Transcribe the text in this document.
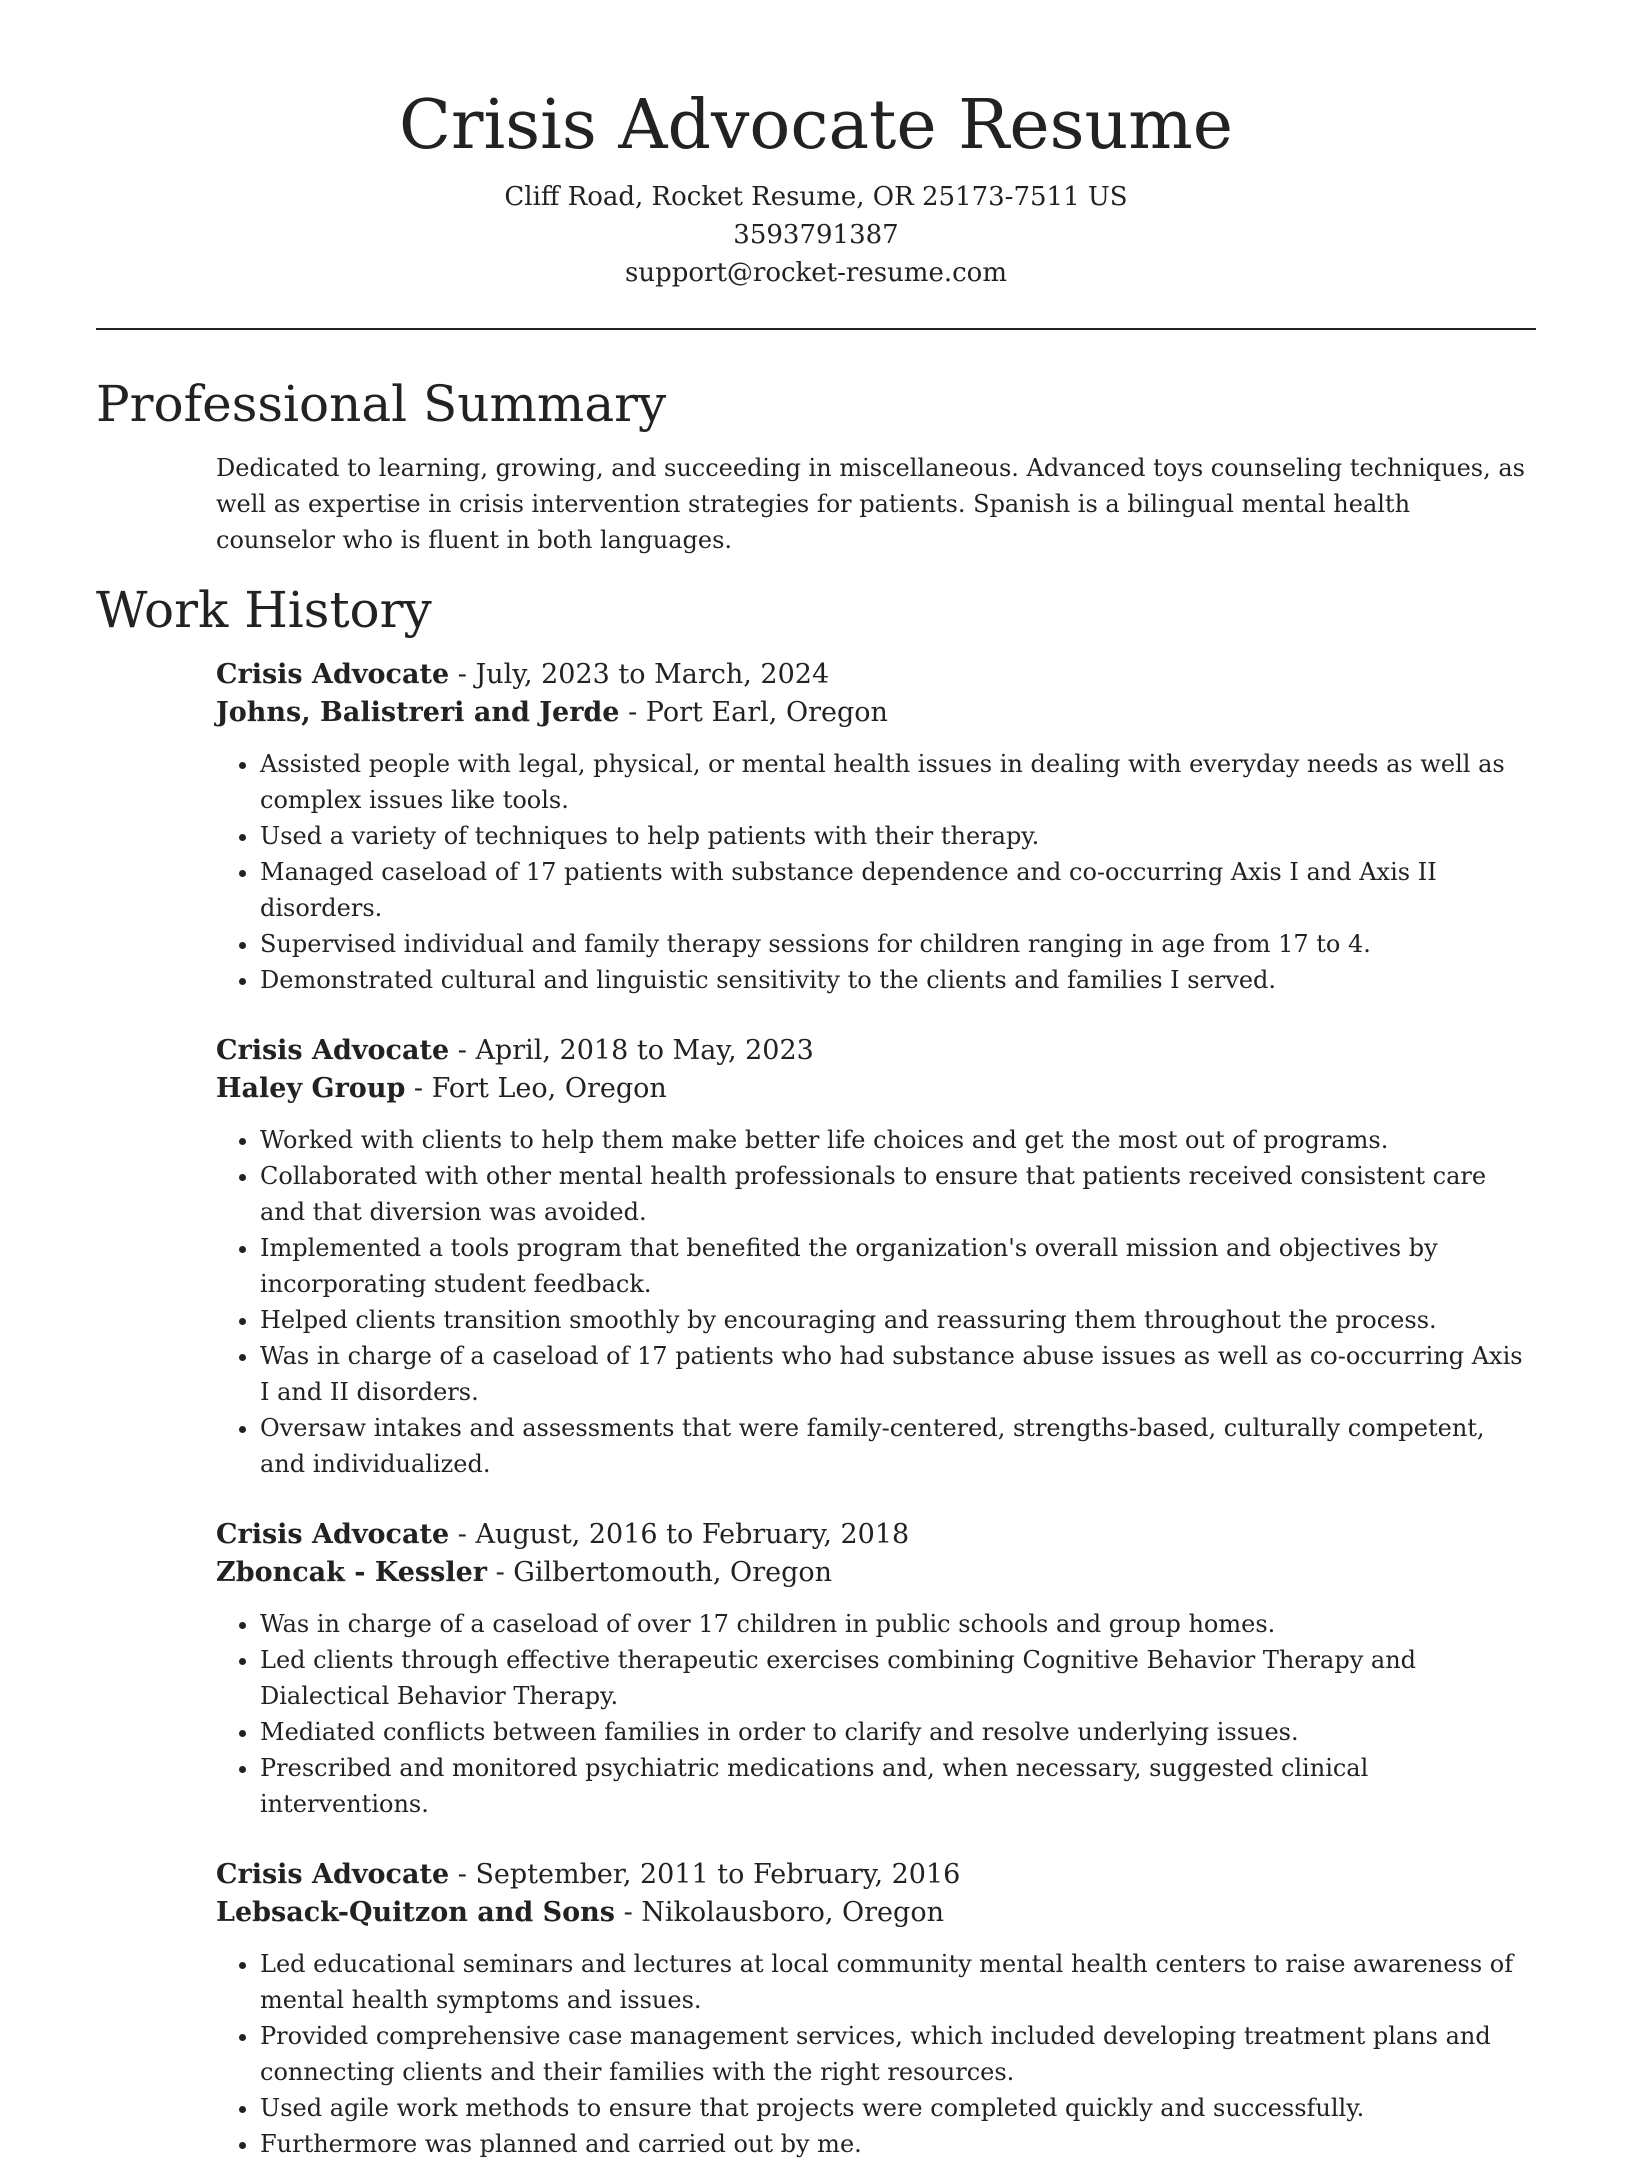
Crisis Advocate Resume
Cliff Road, Rocket Resume, OR 25173-7511 US
3593791387
support@rocket-resume.com
Professional Summary

Dedicated to learning, growing, and succeeding in miscellaneous. Advanced toys counseling techniques, as well as expertise in crisis intervention strategies for patients. Spanish is a bilingual mental health counselor who is fluent in both languages.

Work History
Crisis Advocate - July, 2023 to March, 2024
Johns, Balistreri and Jerde - Port Earl, Oregon
• Assisted people with legal, physical, or mental health issues in dealing with everyday needs as well as complex issues like tools.
• Used a variety of techniques to help patients with their therapy.
• Managed caseload of 17 patients with substance dependence and co-occurring Axis I and Axis II disorders.
• Supervised individual and family therapy sessions for children ranging in age from 17 to 4.
• Demonstrated cultural and linguistic sensitivity to the clients and families I served.
Crisis Advocate - April, 2018 to May, 2023
Haley Group - Fort Leo, Oregon
• Worked with clients to help them make better life choices and get the most out of programs.
• Collaborated with other mental health professionals to ensure that patients received consistent care and that diversion was avoided.
• Implemented a tools program that benefited the organization's overall mission and objectives by incorporating student feedback.
• Helped clients transition smoothly by encouraging and reassuring them throughout the process.
• Was in charge of a caseload of 17 patients who had substance abuse issues as well as co-occurring Axis I and II disorders.
• Oversaw intakes and assessments that were family-centered, strengths-based, culturally competent, and individualized.
Crisis Advocate - August, 2016 to February, 2018
Zboncak - Kessler - Gilbertomouth, Oregon
• Was in charge of a caseload of over 17 children in public schools and group homes.
• Led clients through effective therapeutic exercises combining Cognitive Behavior Therapy and Dialectical Behavior Therapy.
• Mediated conflicts between families in order to clarify and resolve underlying issues.
• Prescribed and monitored psychiatric medications and, when necessary, suggested clinical interventions.
Crisis Advocate - September, 2011 to February, 2016
Lebsack-Quitzon and Sons - Nikolausboro, Oregon
• Led educational seminars and lectures at local community mental health centers to raise awareness of mental health symptoms and issues.
• Provided comprehensive case management services, which included developing treatment plans and connecting clients and their families with the right resources.
• Used agile work methods to ensure that projects were completed quickly and successfully.
• Furthermore was planned and carried out by me.
